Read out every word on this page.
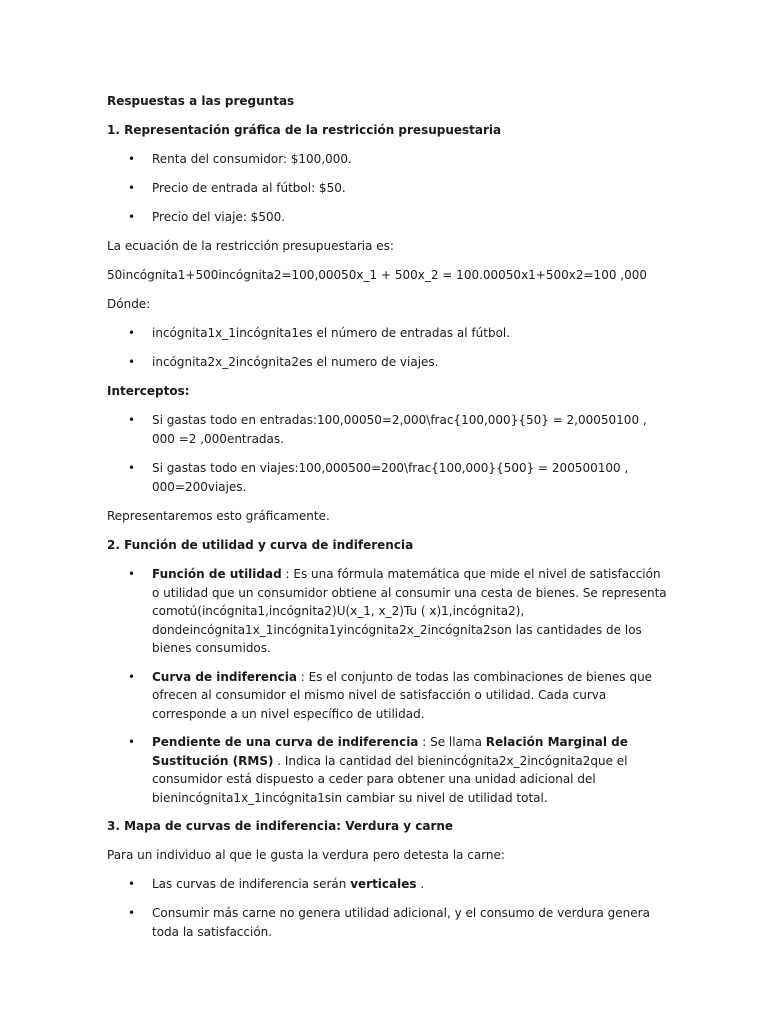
Respuestas a las preguntas

1. Representación gráfica de la restricción presupuestaria

• Renta del consumidor: $100,000.
• Precio de entrada al fútbol: $50.
• Precio del viaje: $500.

La ecuación de la restricción presupuestaria es:

50incógnita1+500incógnita2=100,00050x_1 + 500x_2 = 100.00050x1+500x2=100 ,000

Dónde:

• incógnita1x_1incógnita1es el número de entradas al fútbol.
• incógnita2x_2incógnita2es el numero de viajes.

Interceptos:

• Si gastas todo en entradas:100,00050=2,000\frac{100,000}{50} = 2,00050100 , 000 =2 ,000entradas.
• Si gastas todo en viajes:100,000500=200\frac{100,000}{500} = 200500100 , 000=200viajes.

Representaremos esto gráficamente.

2. Función de utilidad y curva de indiferencia

• Función de utilidad : Es una fórmula matemática que mide el nivel de satisfacción o utilidad que un consumidor obtiene al consumir una cesta de bienes. Se representa comotú(incógnita1,incógnita2)U(x_1, x_2)Tu ( x)1,incógnita2), dondeincógnita1x_1incógnita1yincógnita2x_2incógnita2son las cantidades de los bienes consumidos.
• Curva de indiferencia : Es el conjunto de todas las combinaciones de bienes que ofrecen al consumidor el mismo nivel de satisfacción o utilidad. Cada curva corresponde a un nivel específico de utilidad.
• Pendiente de una curva de indiferencia : Se llama Relación Marginal de Sustitución (RMS) . Indica la cantidad del bienincógnita2x_2incógnita2que el consumidor está dispuesto a ceder para obtener una unidad adicional del bienincógnita1x_1incógnita1sin cambiar su nivel de utilidad total.

3. Mapa de curvas de indiferencia: Verdura y carne

Para un individuo al que le gusta la verdura pero detesta la carne:

• Las curvas de indiferencia serán verticales .
• Consumir más carne no genera utilidad adicional, y el consumo de verdura genera toda la satisfacción.
